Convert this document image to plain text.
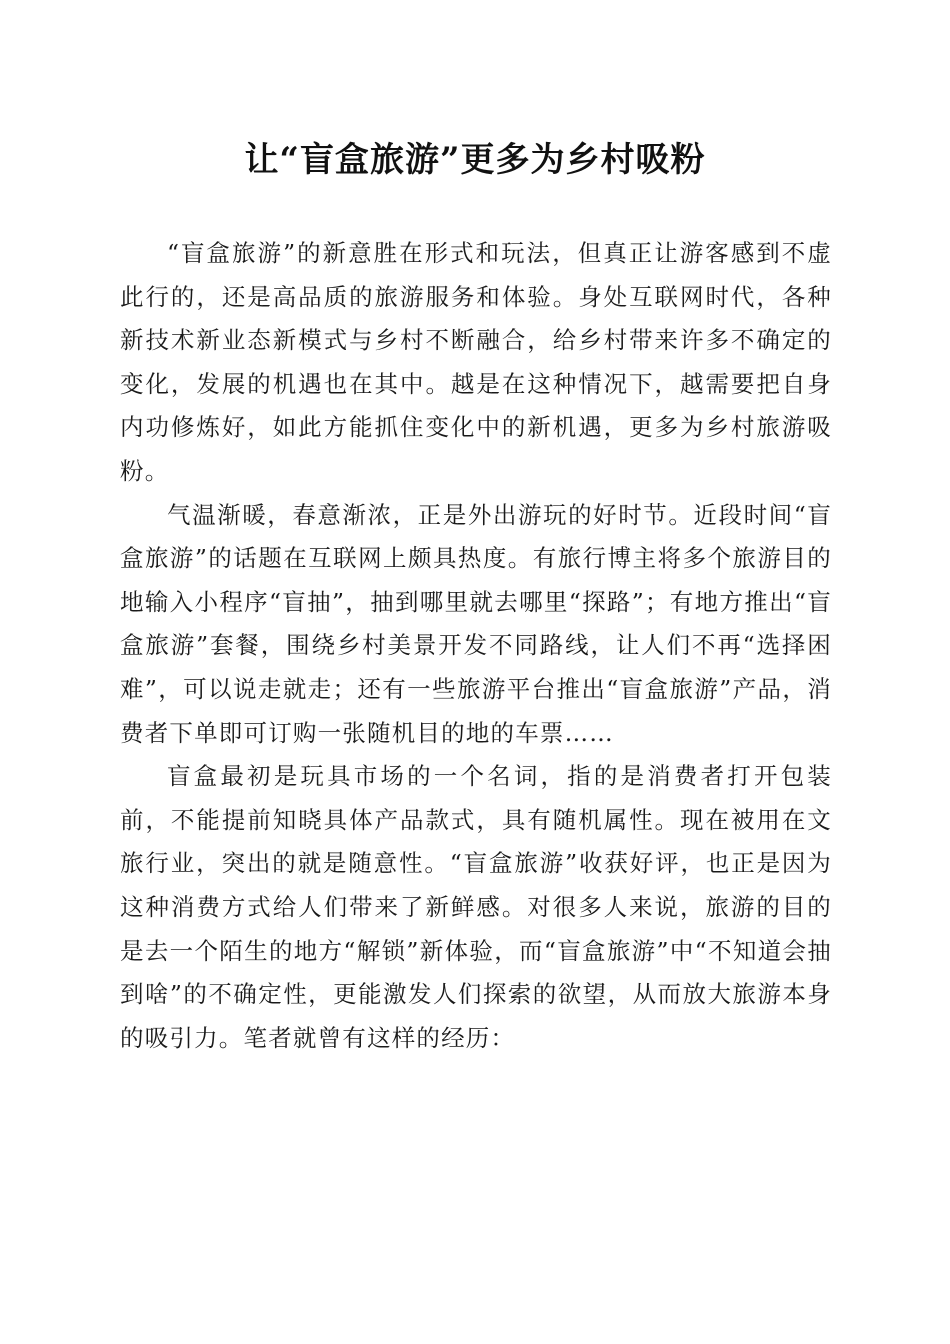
让“盲盒旅游”更多为乡村吸粉

“盲盒旅游”的新意胜在形式和玩法，但真正让游客感到不虚此行的，还是高品质的旅游服务和体验。身处互联网时代，各种新技术新业态新模式与乡村不断融合，给乡村带来许多不确定的变化，发展的机遇也在其中。越是在这种情况下，越需要把自身内功修炼好，如此方能抓住变化中的新机遇，更多为乡村旅游吸粉。

气温渐暖，春意渐浓，正是外出游玩的好时节。近段时间“盲盒旅游”的话题在互联网上颇具热度。有旅行博主将多个旅游目的地输入小程序“盲抽”，抽到哪里就去哪里“探路”；有地方推出“盲盒旅游”套餐，围绕乡村美景开发不同路线，让人们不再“选择困难”，可以说走就走；还有一些旅游平台推出“盲盒旅游”产品，消费者下单即可订购一张随机目的地的车票……

盲盒最初是玩具市场的一个名词，指的是消费者打开包装前，不能提前知晓具体产品款式，具有随机属性。现在被用在文旅行业，突出的就是随意性。“盲盒旅游”收获好评，也正是因为这种消费方式给人们带来了新鲜感。对很多人来说，旅游的目的是去一个陌生的地方“解锁”新体验，而“盲盒旅游”中“不知道会抽到啥”的不确定性，更能激发人们探索的欲望，从而放大旅游本身的吸引力。笔者就曾有这样的经历：
